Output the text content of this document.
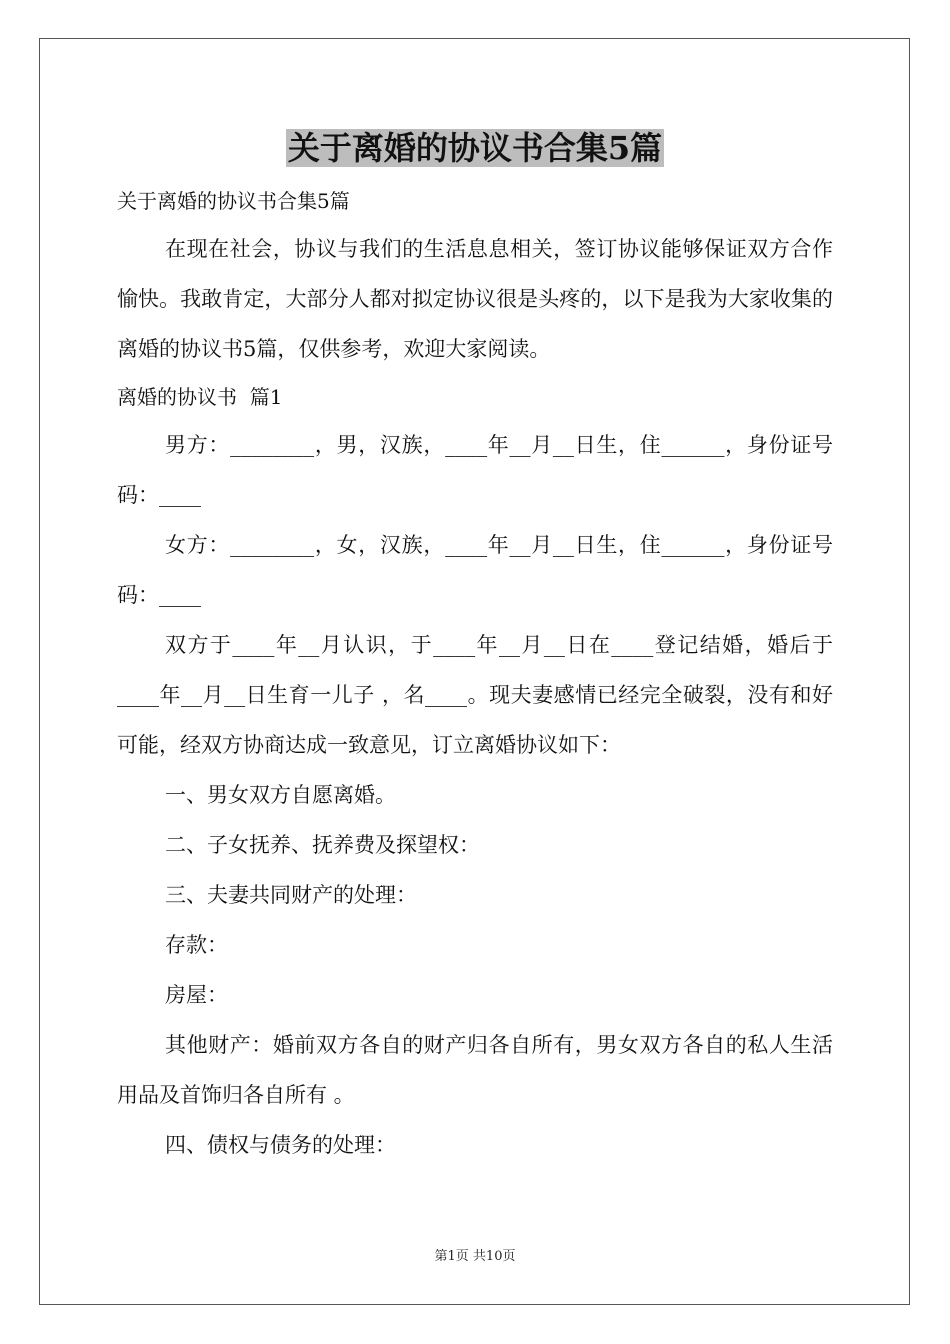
关于离婚的协议书合集5篇

关于离婚的协议书合集5篇

在现在社会，协议与我们的生活息息相关，签订协议能够保证双方合作愉快。我敢肯定，大部分人都对拟定协议很是头疼的，以下是我为大家收集的离婚的协议书5篇，仅供参考，欢迎大家阅读。

离婚的协议书  篇1

男方：________，男，汉族，____年__月__日生，住______，身份证号码：____

女方：________，女，汉族，____年__月__日生，住______，身份证号码：____

双方于____年__月认识，于____年__月__日在____登记结婚，婚后于____年__月__日生育一儿子 ，名____。现夫妻感情已经完全破裂，没有和好可能，经双方协商达成一致意见，订立离婚协议如下：

一、男女双方自愿离婚。

二、子女抚养、抚养费及探望权：

三、夫妻共同财产的处理：

存款：

房屋：

其他财产：婚前双方各自的财产归各自所有，男女双方各自的私人生活用品及首饰归各自所有 。

四、债权与债务的处理：

第1页 共10页
